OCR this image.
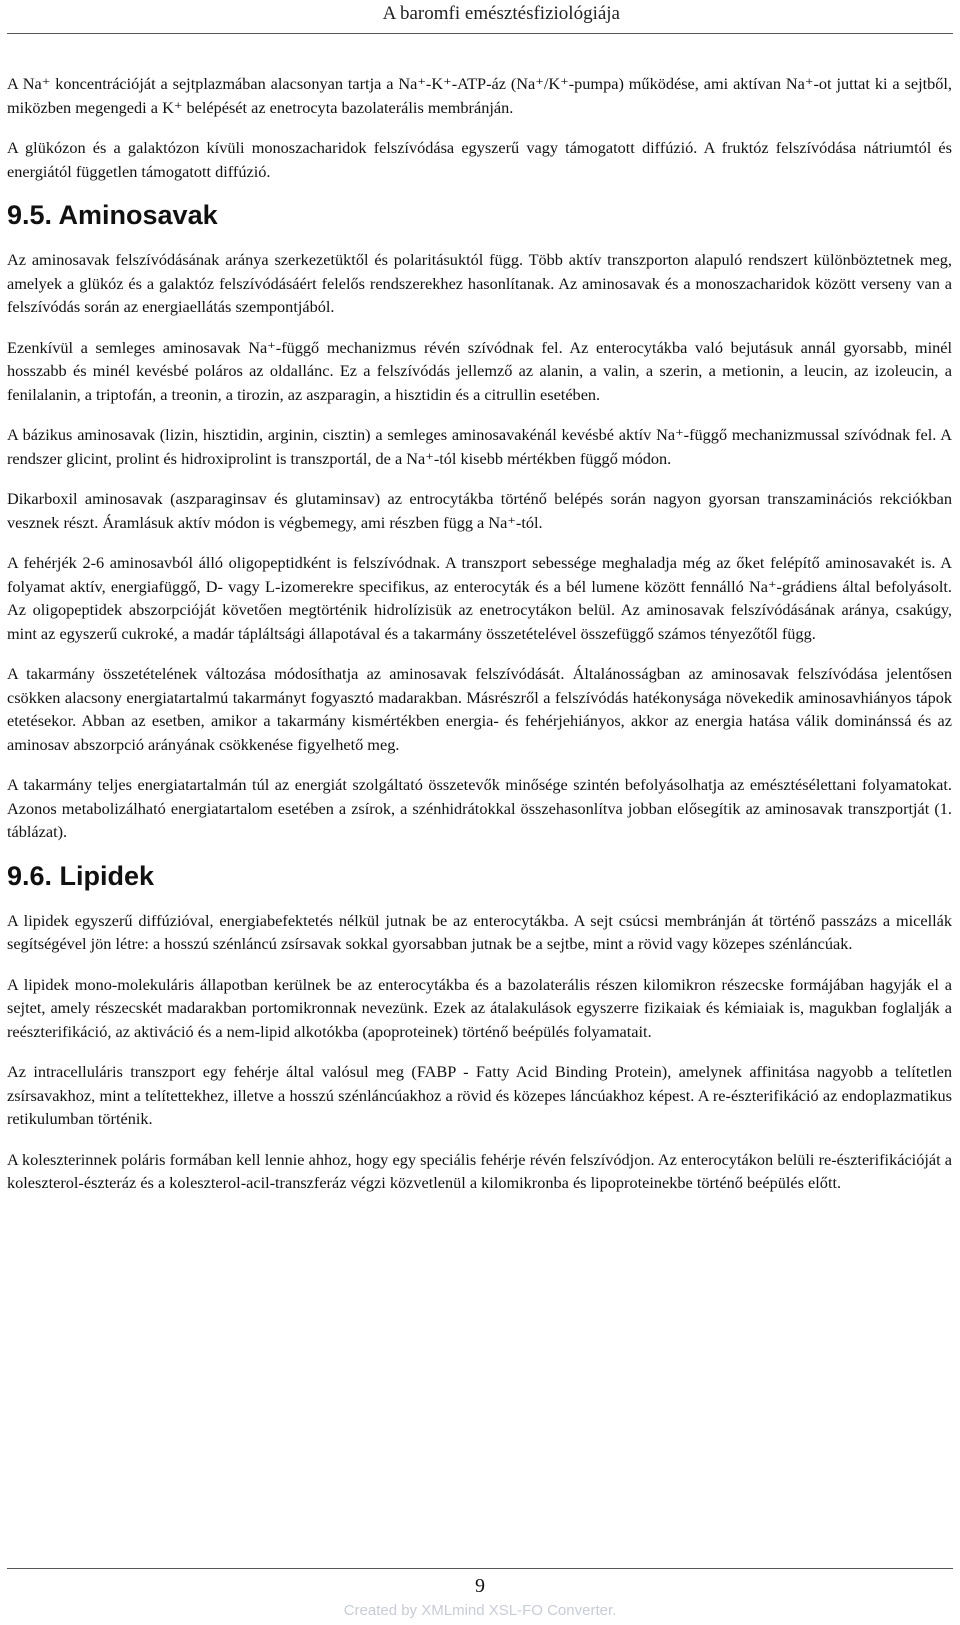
A baromfi emésztésfiziológiája

A Na⁺ koncentrációját a sejtplazmában alacsonyan tartja a Na⁺-K⁺-ATP-áz (Na⁺/K⁺-pumpa) működése, ami aktívan Na⁺-ot juttat ki a sejtből, miközben megengedi a K⁺ belépését az enetrocyta bazolaterális membránján.

A glükózon és a galaktózon kívüli monoszacharidok felszívódása egyszerű vagy támogatott diffúzió. A fruktóz felszívódása nátriumtól és energiától független támogatott diffúzió.

9.5. Aminosavak

Az aminosavak felszívódásának aránya szerkezetüktől és polaritásuktól függ. Több aktív transzporton alapuló rendszert különböztetnek meg, amelyek a glükóz és a galaktóz felszívódásáért felelős rendszerekhez hasonlítanak. Az aminosavak és a monoszacharidok között verseny van a felszívódás során az energiaellátás szempontjából.

Ezenkívül a semleges aminosavak Na⁺-függő mechanizmus révén szívódnak fel. Az enterocytákba való bejutásuk annál gyorsabb, minél hosszabb és minél kevésbé poláros az oldallánc. Ez a felszívódás jellemző az alanin, a valin, a szerin, a metionin, a leucin, az izoleucin, a fenilalanin, a triptofán, a treonin, a tirozin, az aszparagin, a hisztidin és a citrullin esetében.

A bázikus aminosavak (lizin, hisztidin, arginin, cisztin) a semleges aminosavakénál kevésbé aktív Na⁺-függő mechanizmussal szívódnak fel. A rendszer glicint, prolint és hidroxiprolint is transzportál, de a Na⁺-tól kisebb mértékben függő módon.

Dikarboxil aminosavak (aszparaginsav és glutaminsav) az entrocytákba történő belépés során nagyon gyorsan transzaminációs rekciókban vesznek részt. Áramlásuk aktív módon is végbemegy, ami részben függ a Na⁺-tól.

A fehérjék 2-6 aminosavból álló oligopeptidként is felszívódnak. A transzport sebessége meghaladja még az őket felépítő aminosavakét is. A folyamat aktív, energiafüggő, D- vagy L-izomerekre specifikus, az enterocyták és a bél lumene között fennálló Na⁺-grádiens által befolyásolt. Az oligopeptidek abszorpcióját követően megtörténik hidrolízisük az enetrocytákon belül. Az aminosavak felszívódásának aránya, csakúgy, mint az egyszerű cukroké, a madár tápláltsági állapotával és a takarmány összetételével összefüggő számos tényezőtől függ.

A takarmány összetételének változása módosíthatja az aminosavak felszívódását. Általánosságban az aminosavak felszívódása jelentősen csökken alacsony energiatartalmú takarmányt fogyasztó madarakban. Másrészről a felszívódás hatékonysága növekedik aminosavhiányos tápok etetésekor. Abban az esetben, amikor a takarmány kismértékben energia- és fehérjehiányos, akkor az energia hatása válik dominánssá és az aminosav abszorpció arányának csökkenése figyelhető meg.

A takarmány teljes energiatartalmán túl az energiát szolgáltató összetevők minősége szintén befolyásolhatja az emésztésélettani folyamatokat. Azonos metabolizálható energiatartalom esetében a zsírok, a szénhidrátokkal összehasonlítva jobban elősegítik az aminosavak transzportját (1. táblázat).

9.6. Lipidek

A lipidek egyszerű diffúzióval, energiabefektetés nélkül jutnak be az enterocytákba. A sejt csúcsi membránján át történő passzázs a micellák segítségével jön létre: a hosszú szénláncú zsírsavak sokkal gyorsabban jutnak be a sejtbe, mint a rövid vagy közepes szénláncúak.

A lipidek mono-molekuláris állapotban kerülnek be az enterocytákba és a bazolaterális részen kilomikron részecske formájában hagyják el a sejtet, amely részecskét madarakban portomikronnak nevezünk. Ezek az átalakulások egyszerre fizikaiak és kémiaiak is, magukban foglalják a reészterifikáció, az aktiváció és a nem-lipid alkotókba (apoproteinek) történő beépülés folyamatait.

Az intracelluláris transzport egy fehérje által valósul meg (FABP - Fatty Acid Binding Protein), amelynek affinitása nagyobb a telítetlen zsírsavakhoz, mint a telítettekhez, illetve a hosszú szénláncúakhoz a rövid és közepes láncúakhoz képest. A re-észterifikáció az endoplazmatikus retikulumban történik.

A koleszterinnek poláris formában kell lennie ahhoz, hogy egy speciális fehérje révén felszívódjon. Az enterocytákon belüli re-észterifikációját a koleszterol-észteráz és a koleszterol-acil-transzferáz végzi közvetlenül a kilomikronba és lipoproteinekbe történő beépülés előtt.

9
Created by XMLmind XSL-FO Converter.
